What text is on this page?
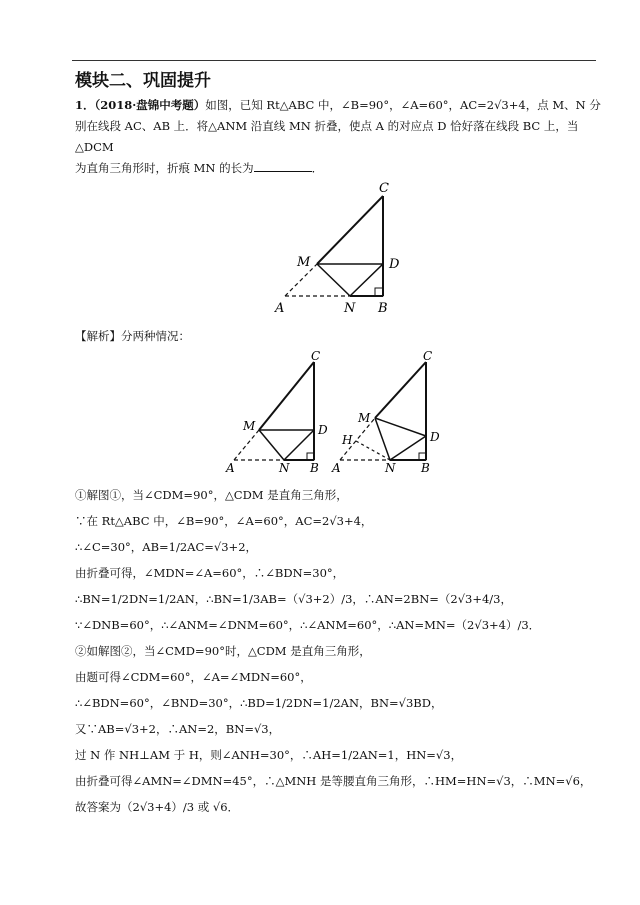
模块二、巩固提升
1．（2018·盘锦中考题）如图，已知 Rt△ABC 中，∠B=90°，∠A=60°，AC=2√3+4，点 M、N 分
别在线段 AC、AB 上．将△ANM 沿直线 MN 折叠，使点 A 的对应点 D 恰好落在线段 BC 上，当△DCM
为直角三角形时，折痕 MN 的长为	．
C
M	D
A	N B
【解析】分两种情况：
C
M	D
A	N B
C
M
H	D
A	N B
①解图①，当∠CDM=90°，△CDM 是直角三角形，
∵在 Rt△ABC 中，∠B=90°，∠A=60°，AC=2√3+4，
∴∠C=30°，AB=1/2AC=√3+2，
由折叠可得，∠MDN=∠A=60°，∴∠BDN=30°，
∴BN=1/2DN=1/2AN，∴BN=1/3AB=（√3+2）/3，∴AN=2BN=（2√3+4/3，
∵∠DNB=60°，∴∠ANM=∠DNM=60°，∴∠ANM=60°，∴AN=MN=（2√3+4）/3．
②如解图②，当∠CMD=90°时，△CDM 是直角三角形，
由题可得∠CDM=60°，∠A=∠MDN=60°，
∴∠BDN=60°，∠BND=30°，∴BD=1/2DN=1/2AN，BN=√3BD，
又∵AB=√3+2，∴AN=2，BN=√3，
过 N 作 NH⊥AM 于 H，则∠ANH=30°，∴AH=1/2AN=1，HN=√3，
由折叠可得∠AMN=∠DMN=45°，∴△MNH 是等腰直角三角形，∴HM=HN=√3，∴MN=√6，
故答案为（2√3+4）/3 或 √6．
